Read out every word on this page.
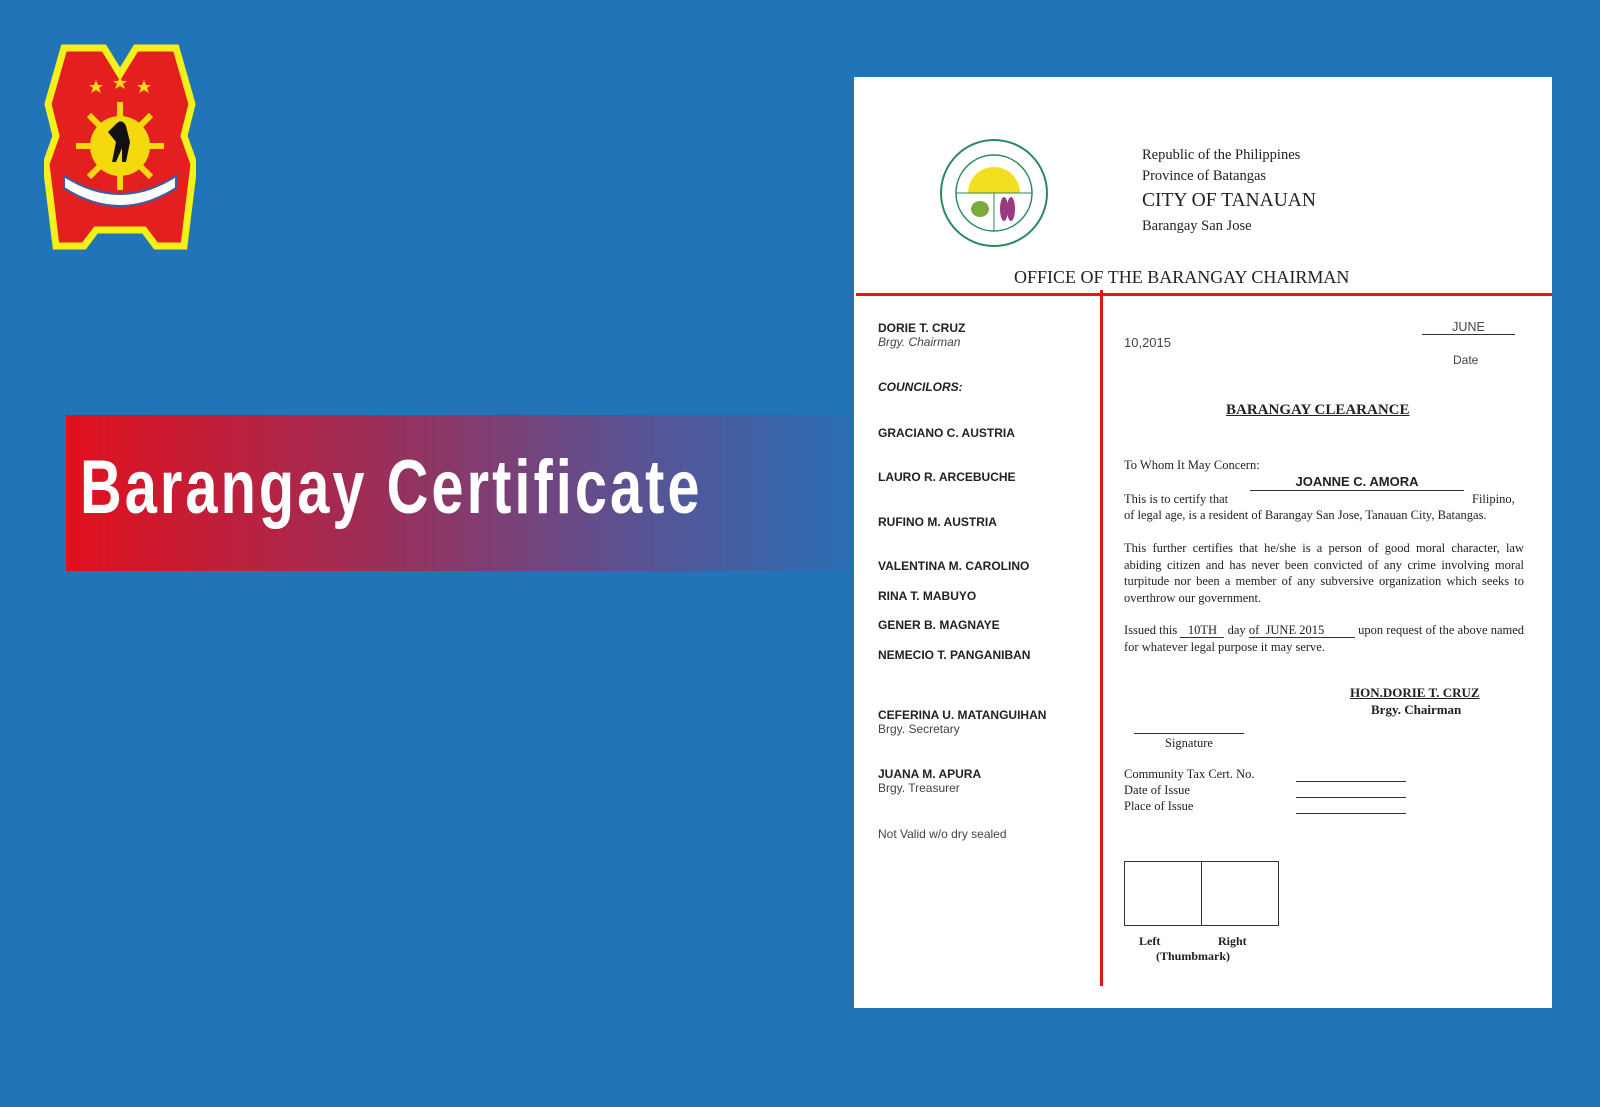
Barangay Certificate
Republic of the Philippines
Province of Batangas
CITY OF TANAUAN
Barangay San Jose
OFFICE OF THE BARANGAY CHAIRMAN
DORIE T. CRUZ
Brgy. Chairman
COUNCILORS:
GRACIANO C. AUSTRIA
LAURO R. ARCEBUCHE
RUFINO M. AUSTRIA
VALENTINA M. CAROLINO
RINA T. MABUYO
GENER B. MAGNAYE
NEMECIO T. PANGANIBAN
CEFERINA U. MATANGUIHAN
Brgy. Secretary
JUANA M. APURA
Brgy. Treasurer
Not Valid w/o dry sealed
JUNE
10,2015
Date
BARANGAY CLEARANCE
To Whom It May Concern:
This is to certify that
JOANNE C. AMORA
Filipino,
of legal age, is a resident of Barangay San Jose, Tanauan City, Batangas.
This further certifies that he/she is a person of good moral character, law abiding citizen and has never been convicted of any crime involving moral turpitude nor been a member of any subversive organization which seeks to overthrow our government.
Issued this 10TH day of  JUNE 2015	upon request of the above named for whatever legal purpose it may serve.
HON.DORIE T. CRUZ
Brgy. Chairman
Signature
Community Tax Cert. No.
Date of Issue
Place of Issue
Left	Right
(Thumbmark)
